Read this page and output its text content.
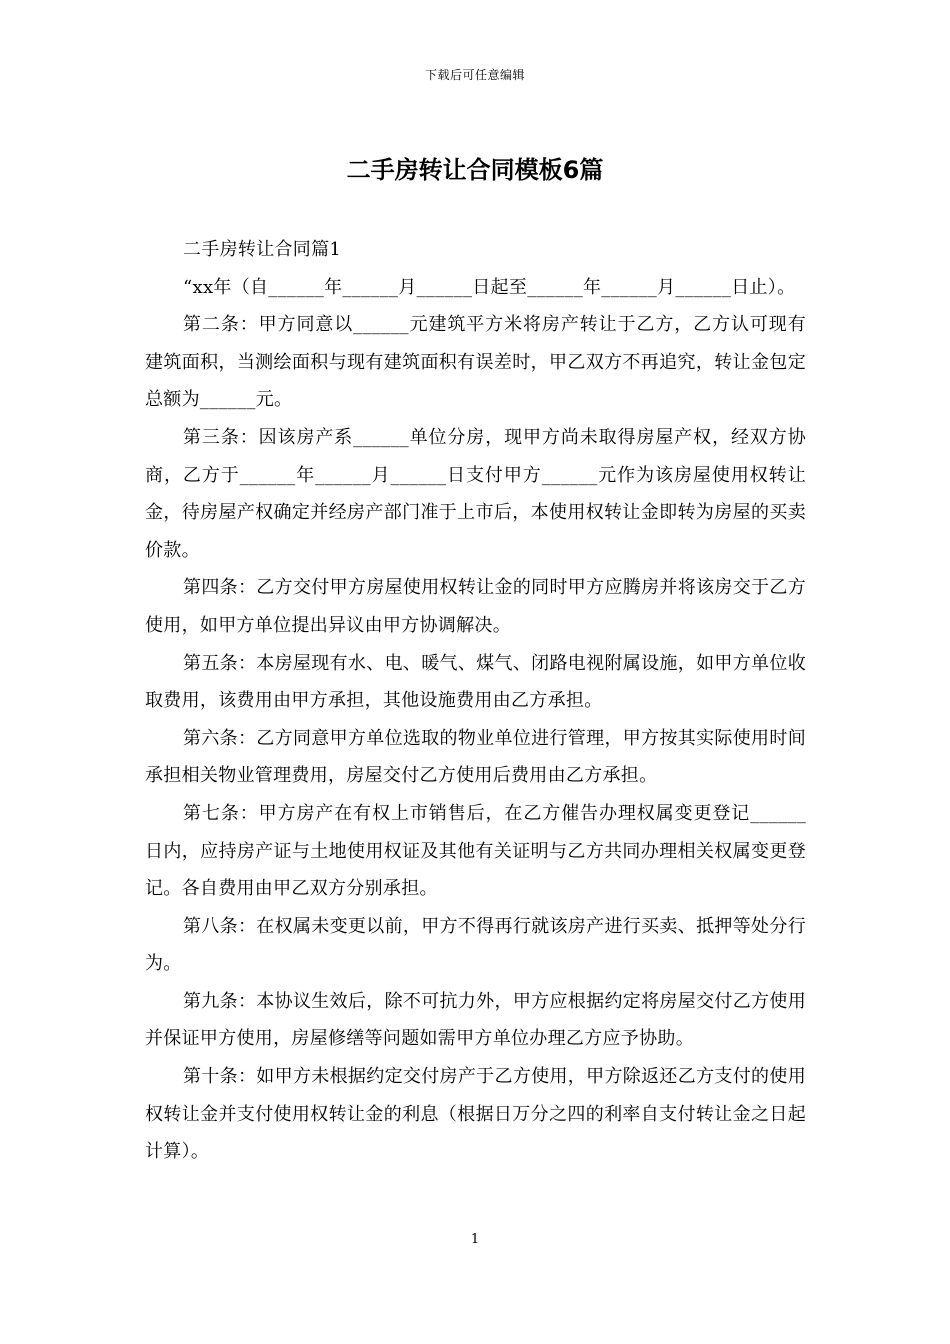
下载后可任意编辑
二手房转让合同模板6篇

二手房转让合同篇1

“xx年（自______年______月______日起至______年______月______日止）。

第二条：甲方同意以______元建筑平方米将房产转让于乙方，乙方认可现有建筑面积，当测绘面积与现有建筑面积有误差时，甲乙双方不再追究，转让金包定总额为______元。

第三条：因该房产系______单位分房，现甲方尚未取得房屋产权，经双方协商，乙方于______年______月______日支付甲方______元作为该房屋使用权转让金，待房屋产权确定并经房产部门准于上市后，本使用权转让金即转为房屋的买卖价款。

第四条：乙方交付甲方房屋使用权转让金的同时甲方应腾房并将该房交于乙方使用，如甲方单位提出异议由甲方协调解决。

第五条：本房屋现有水、电、暖气、煤气、闭路电视附属设施，如甲方单位收取费用，该费用由甲方承担，其他设施费用由乙方承担。

第六条：乙方同意甲方单位选取的物业单位进行管理，甲方按其实际使用时间承担相关物业管理费用，房屋交付乙方使用后费用由乙方承担。

第七条：甲方房产在有权上市销售后，在乙方催告办理权属变更登记______日内，应持房产证与土地使用权证及其他有关证明与乙方共同办理相关权属变更登记。各自费用由甲乙双方分别承担。

第八条：在权属未变更以前，甲方不得再行就该房产进行买卖、抵押等处分行为。

第九条：本协议生效后，除不可抗力外，甲方应根据约定将房屋交付乙方使用并保证甲方使用，房屋修缮等问题如需甲方单位办理乙方应予协助。

第十条：如甲方未根据约定交付房产于乙方使用，甲方除返还乙方支付的使用权转让金并支付使用权转让金的利息（根据日万分之四的利率自支付转让金之日起计算）。

1
